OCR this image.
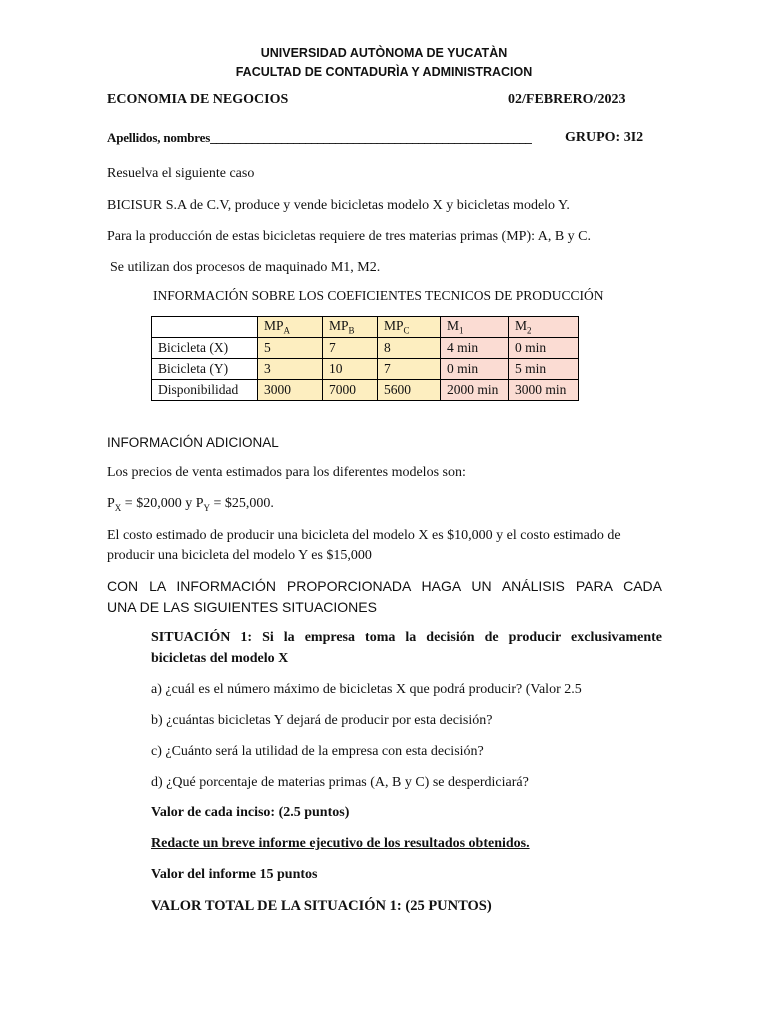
UNIVERSIDAD AUTÒNOMA DE YUCATÀN
FACULTAD DE CONTADURÌA Y ADMINISTRACION
ECONOMIA DE NEGOCIOS	02/FEBRERO/2023
Apellidos, nombres______________________________________________________ GRUPO: 3I2
Resuelva el siguiente caso
BICISUR S.A de C.V, produce y vende bicicletas modelo X y bicicletas modelo Y.
Para la producción de estas bicicletas requiere de tres materias primas (MP): A, B y C.
Se utilizan dos procesos de maquinado M1, M2.
INFORMACIÓN SOBRE LOS COEFICIENTES TECNICOS DE PRODUCCIÓN
	$MP_A$	$MP_B$	$MP_C$	$M_1$	$M_2$
Bicicleta (X)	5	7	8	4 min	0 min
Bicicleta (Y)	3	10	7	0 min	5 min
Disponibilidad	3000	7000	5600	2000 min	3000 min
INFORMACIÓN ADICIONAL
Los precios de venta estimados para los diferentes modelos son:
$P_X$ = $20,000 y $P_Y$ = $25,000.
El costo estimado de producir una bicicleta del modelo X es $10,000 y el costo estimado de
producir una bicicleta del modelo Y es $15,000
CON LA INFORMACIÓN PROPORCIONADA HAGA UN ANÁLISIS PARA CADA
UNA DE LAS SIGUIENTES SITUACIONES
SITUACIÓN 1: Si la empresa toma la decisión de producir exclusivamente
bicicletas del modelo X
a) ¿cuál es el número máximo de bicicletas X que podrá producir? (Valor 2.5
b) ¿cuántas bicicletas Y dejará de producir por esta decisión?
c) ¿Cuánto será la utilidad de la empresa con esta decisión?
d) ¿Qué porcentaje de materias primas (A, B y C) se desperdiciará?
Valor de cada inciso: (2.5 puntos)
Redacte un breve informe ejecutivo de los resultados obtenidos.
Valor del informe 15 puntos
VALOR TOTAL DE LA SITUACIÓN 1: (25 PUNTOS)
